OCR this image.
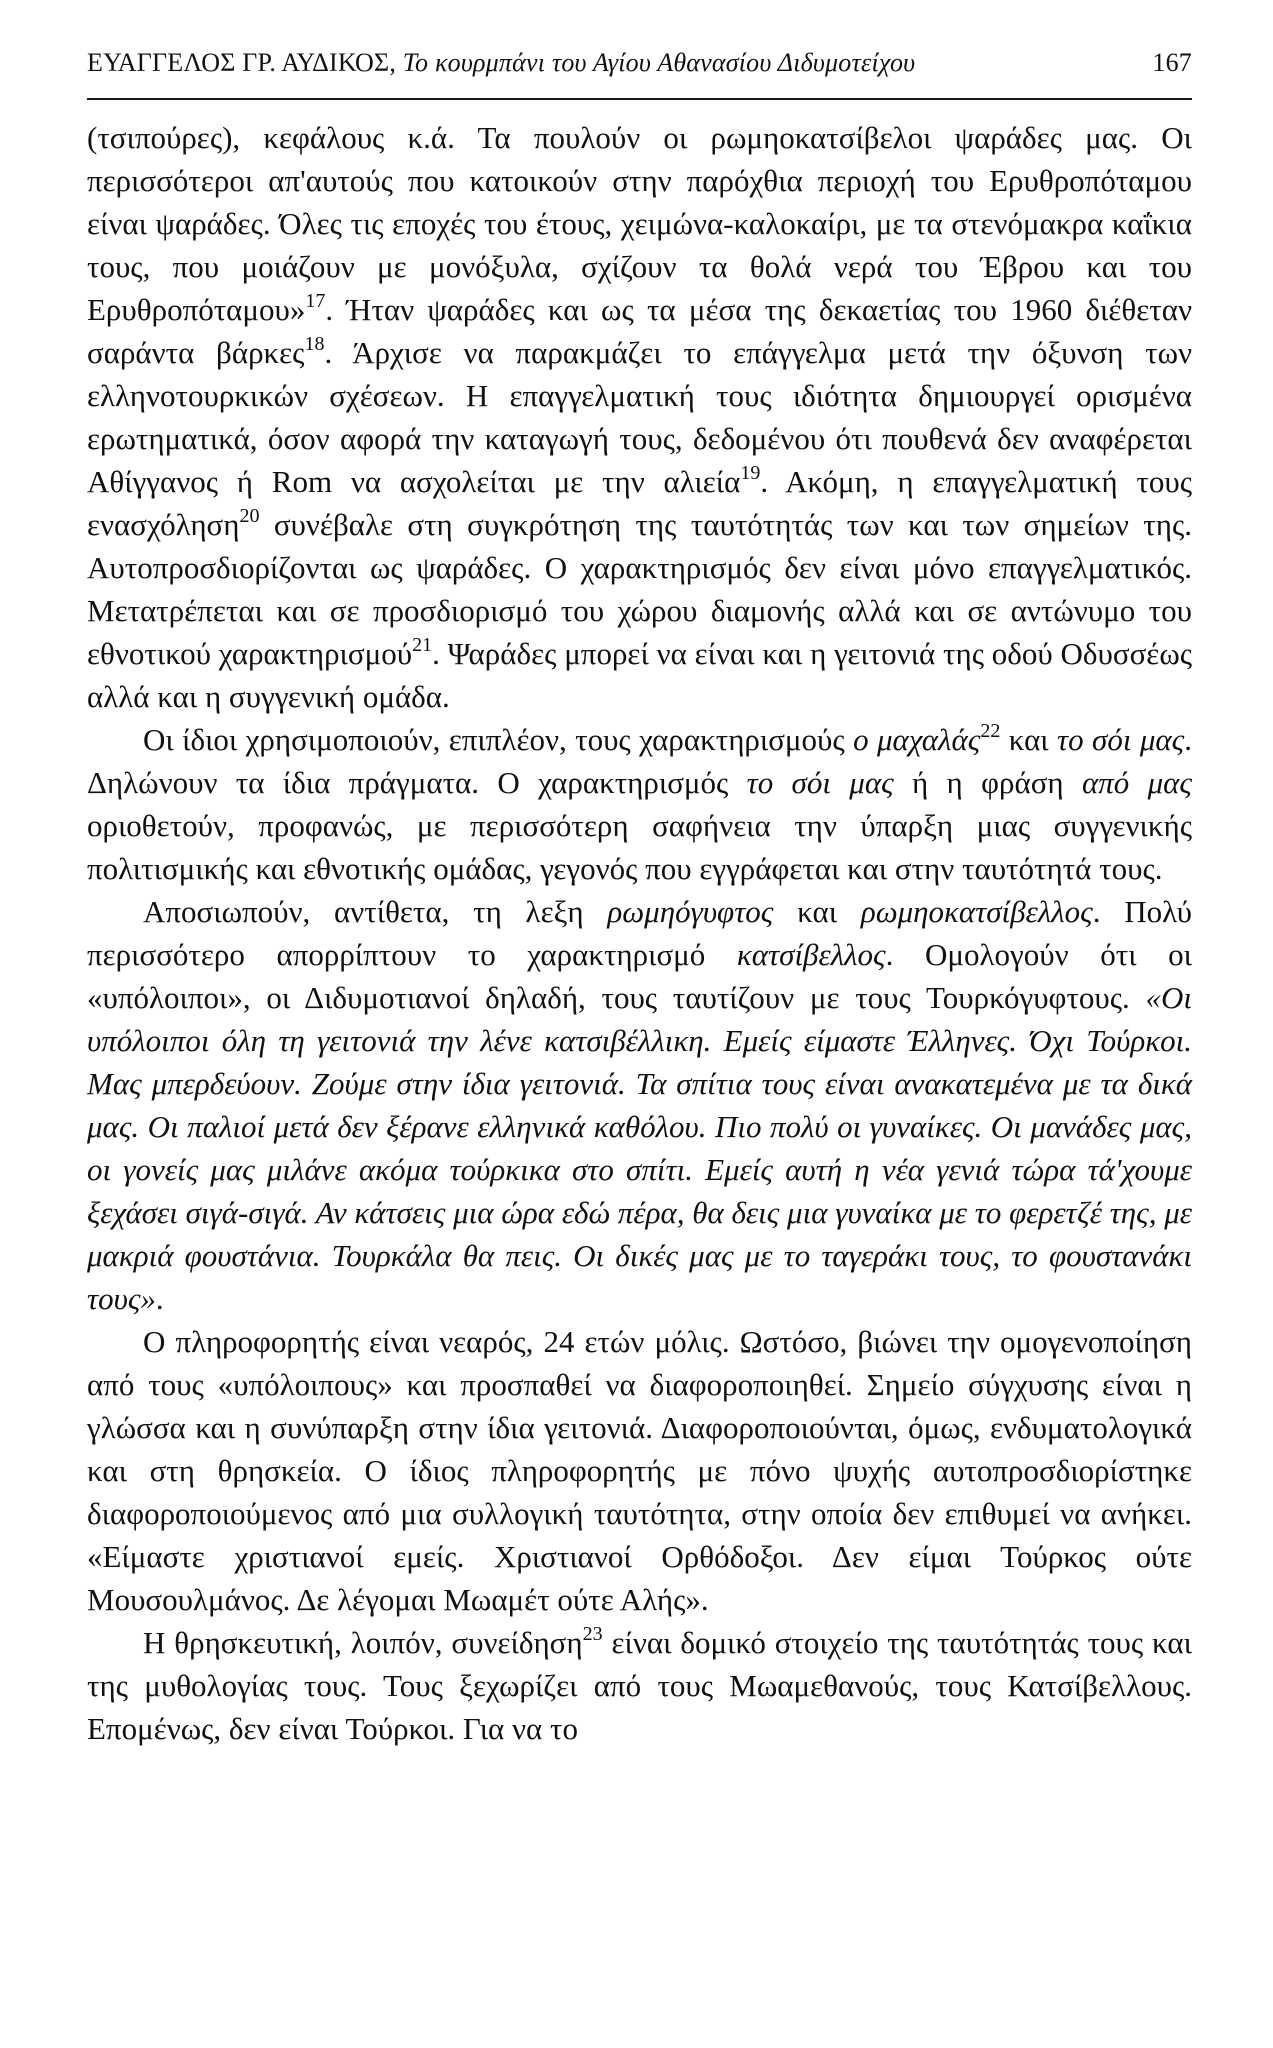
ΕΥΑΓΓΕΛΟΣ ΓΡ. ΑΥΔΙΚΟΣ, Το κουρμπάνι του Αγίου Αθανασίου Διδυμοτείχου	167

(τσιπούρες), κεφάλους κ.ά. Τα πουλούν οι ρωμηοκατσίβελοι ψαράδες μας. Οι περισσότεροι απ'αυτούς που κατοικούν στην παρόχθια περιοχή του Ερυθροπόταμου είναι ψαράδες. Όλες τις εποχές του έτους, χειμώνα-καλοκαίρι, με τα στενόμακρα καΐκια τους, που μοιάζουν με μονόξυλα, σχίζουν τα θολά νερά του Έβρου και του Ερυθροπόταμου»$^{17}$. Ήταν ψαράδες και ως τα μέσα της δεκαετίας του 1960 διέθεταν σαράντα βάρκες$^{18}$. Άρχισε να παρακμάζει το επάγγελμα μετά την όξυνση των ελληνοτουρκικών σχέσεων. Η επαγγελματική τους ιδιότητα δημιουργεί ορισμένα ερωτηματικά, όσον αφορά την καταγωγή τους, δεδομένου ότι πουθενά δεν αναφέρεται Αθίγγανος ή Rom να ασχολείται με την αλιεία$^{19}$. Ακόμη, η επαγγελματική τους ενασχόληση$^{20}$ συνέβαλε στη συγκρότηση της ταυτότητάς των και των σημείων της. Αυτοπροσδιορίζονται ως ψαράδες. Ο χαρακτηρισμός δεν είναι μόνο επαγγελματικός. Μετατρέπεται και σε προσδιορισμό του χώρου διαμονής αλλά και σε αντώνυμο του εθνοτικού χαρακτηρισμού$^{21}$. Ψαράδες μπορεί να είναι και η γειτονιά της οδού Οδυσσέως αλλά και η συγγενική ομάδα.

Οι ίδιοι χρησιμοποιούν, επιπλέον, τους χαρακτηρισμούς ο μαχαλάς$^{22}$ και το σόι μας. Δηλώνουν τα ίδια πράγματα. Ο χαρακτηρισμός το σόι μας ή η φράση από μας οριοθετούν, προφανώς, με περισσότερη σαφήνεια την ύπαρξη μιας συγγενικής πολιτισμικής και εθνοτικής ομάδας, γεγονός που εγγράφεται και στην ταυτότητά τους.

Αποσιωπούν, αντίθετα, τη λεξη ρωμηόγυφτος και ρωμηοκατσίβελλος. Πολύ περισσότερο απορρίπτουν το χαρακτηρισμό κατσίβελλος. Ομολογούν ότι οι «υπόλοιποι», οι Διδυμοτιανοί δηλαδή, τους ταυτίζουν με τους Τουρκόγυφτους. «Οι υπόλοιποι όλη τη γειτονιά την λένε κατσιβέλλικη. Εμείς είμαστε Έλληνες. Όχι Τούρκοι. Μας μπερδεύουν. Ζούμε στην ίδια γειτονιά. Τα σπίτια τους είναι ανακατεμένα με τα δικά μας. Οι παλιοί μετά δεν ξέρανε ελληνικά καθόλου. Πιο πολύ οι γυναίκες. Οι μανάδες μας, οι γονείς μας μιλάνε ακόμα τούρκικα στο σπίτι. Εμείς αυτή η νέα γενιά τώρα τά'χουμε ξεχάσει σιγά-σιγά. Αν κάτσεις μια ώρα εδώ πέρα, θα δεις μια γυναίκα με το φερετζέ της, με μακριά φουστάνια. Τουρκάλα θα πεις. Οι δικές μας με το ταγεράκι τους, το φουστανάκι τους».

Ο πληροφορητής είναι νεαρός, 24 ετών μόλις. Ωστόσο, βιώνει την ομογενοποίηση από τους «υπόλοιπους» και προσπαθεί να διαφοροποιηθεί. Σημείο σύγχυσης είναι η γλώσσα και η συνύπαρξη στην ίδια γειτονιά. Διαφοροποιούνται, όμως, ενδυματολογικά και στη θρησκεία. Ο ίδιος πληροφορητής με πόνο ψυχής αυτοπροσδιορίστηκε διαφοροποιούμενος από μια συλλογική ταυτότητα, στην οποία δεν επιθυμεί να ανήκει. «Είμαστε χριστιανοί εμείς. Χριστιανοί Ορθόδοξοι. Δεν είμαι Τούρκος ούτε Μουσουλμάνος. Δε λέγομαι Μωαμέτ ούτε Αλής».

Η θρησκευτική, λοιπόν, συνείδηση$^{23}$ είναι δομικό στοιχείο της ταυτότητάς τους και της μυθολογίας τους. Τους ξεχωρίζει από τους Μωαμεθανούς, τους Κατσίβελλους. Επομένως, δεν είναι Τούρκοι. Για να το
